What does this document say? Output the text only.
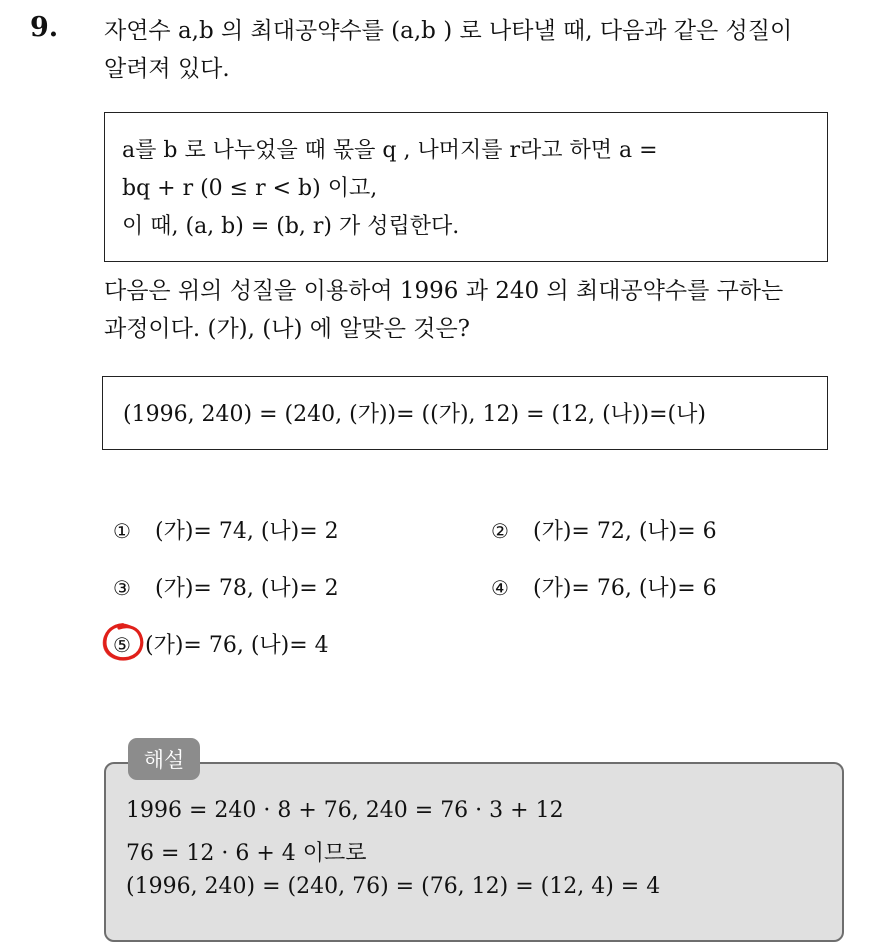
9. 자연수 a,b 의 최대공약수를 (a,b ) 로 나타낼 때, 다음과 같은 성질이
알려져 있다.
a를 b 로 나누었을 때 몫을 q , 나머지를 r라고 하면 a =
bq + r (0 ≤ r < b) 이고,
이 때, (a, b) = (b, r) 가 성립한다.
다음은 위의 성질을 이용하여 1996 과 240 의 최대공약수를 구하는
과정이다. (가), (나) 에 알맞은 것은?
(1996, 240) = (240, (가))= ((가), 12) = (12, (나))=(나)
① (가)= 74, (나)= 2	② (가)= 72, (나)= 6
③ (가)= 78, (나)= 2	④ (가)= 76, (나)= 6
⑤ (가)= 76, (나)= 4
1996 = 240 · 8 + 76, 240 = 76 · 3 + 12
76 = 12 · 6 + 4 이므로
(1996, 240) = (240, 76) = (76, 12) = (12, 4) = 4
해설
